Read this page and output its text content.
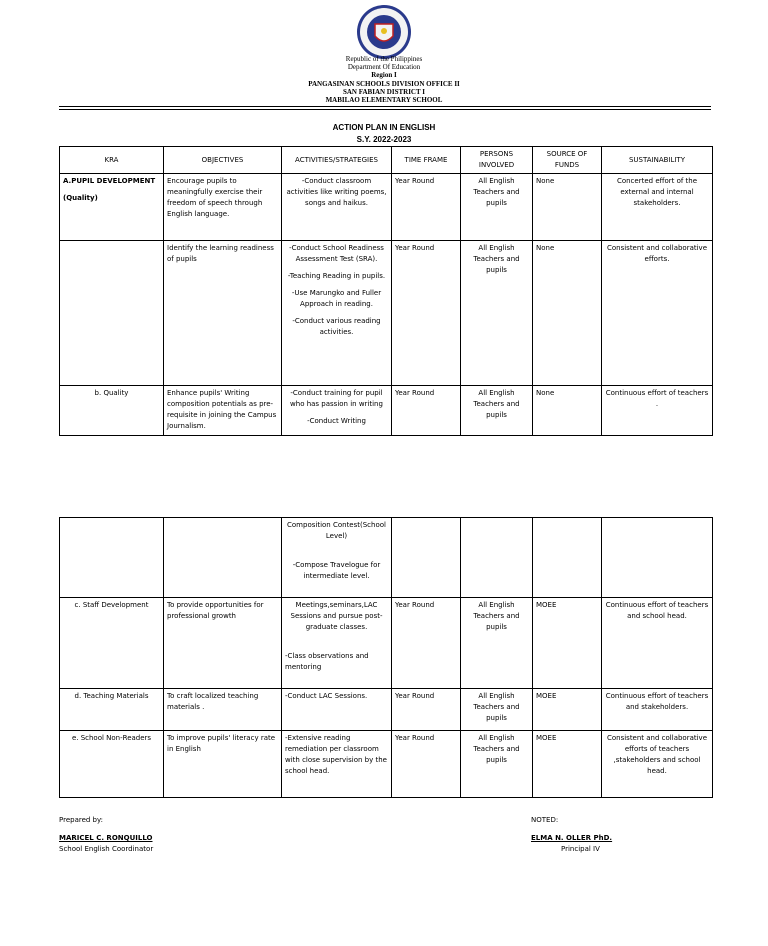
Republic of the Philippines
Department Of Education
Region I
PANGASINAN SCHOOLS DIVISION OFFICE II
SAN FABIAN DISTRICT I
MABILAO ELEMENTARY SCHOOL
ACTION PLAN IN ENGLISH
S.Y. 2022-2023
KRA	OBJECTIVES	ACTIVITIES/STRATEGIES	TIME FRAME	PERSONS INVOLVED	SOURCE OF FUNDS	SUSTAINABILITY

A.PUPIL DEVELOPMENT

(Quality)	Encourage pupils to meaningfully exercise their freedom of speech through English language.	-Conduct classroom activities like writing poems, songs and haikus.	Year Round	All English Teachers and pupils	None	Concerted effort of the external and internal stakeholders.
	Identify the learning readiness of pupils	-Conduct School Readiness Assessment Test (SRA).

-Teaching Reading in pupils.

-Use Marungko and Fuller Approach in reading.

-Conduct various reading activities.	Year Round	All English Teachers and pupils	None	Consistent and collaborative efforts.
b. Quality	Enhance pupils' Writing composition potentials as pre-requisite in joining the Campus Journalism.	-Conduct training for pupil who has passion in writing

-Conduct Writing	Year Round	All English Teachers and pupils	None	Continuous effort of teachers .

		Composition Contest(School Level)

-Compose Travelogue for intermediate level.				

c. Staff Development	To provide opportunities for professional growth	Meetings,seminars,LAC Sessions and pursue post-graduate classes.

-Class observations and mentoring	Year Round	All English Teachers and pupils	MOEE	Continuous effort of teachers and school head.
d. Teaching Materials	To craft localized teaching materials .	-Conduct LAC Sessions.	Year Round	All English Teachers and pupils	MOEE	Continuous effort of teachers and stakeholders.
e. School Non-Readers	To improve pupils' literacy rate in English	-Extensive reading remediation per classroom with close supervision by the school head.	Year Round	All English Teachers and pupils	MOEE	Consistent and collaborative efforts of teachers ,stakeholders and school head.
Prepared by:
MARICEL C. RONQUILLO
School English Coordinator
NOTED:
ELMA N. OLLER PhD.
Principal IV
